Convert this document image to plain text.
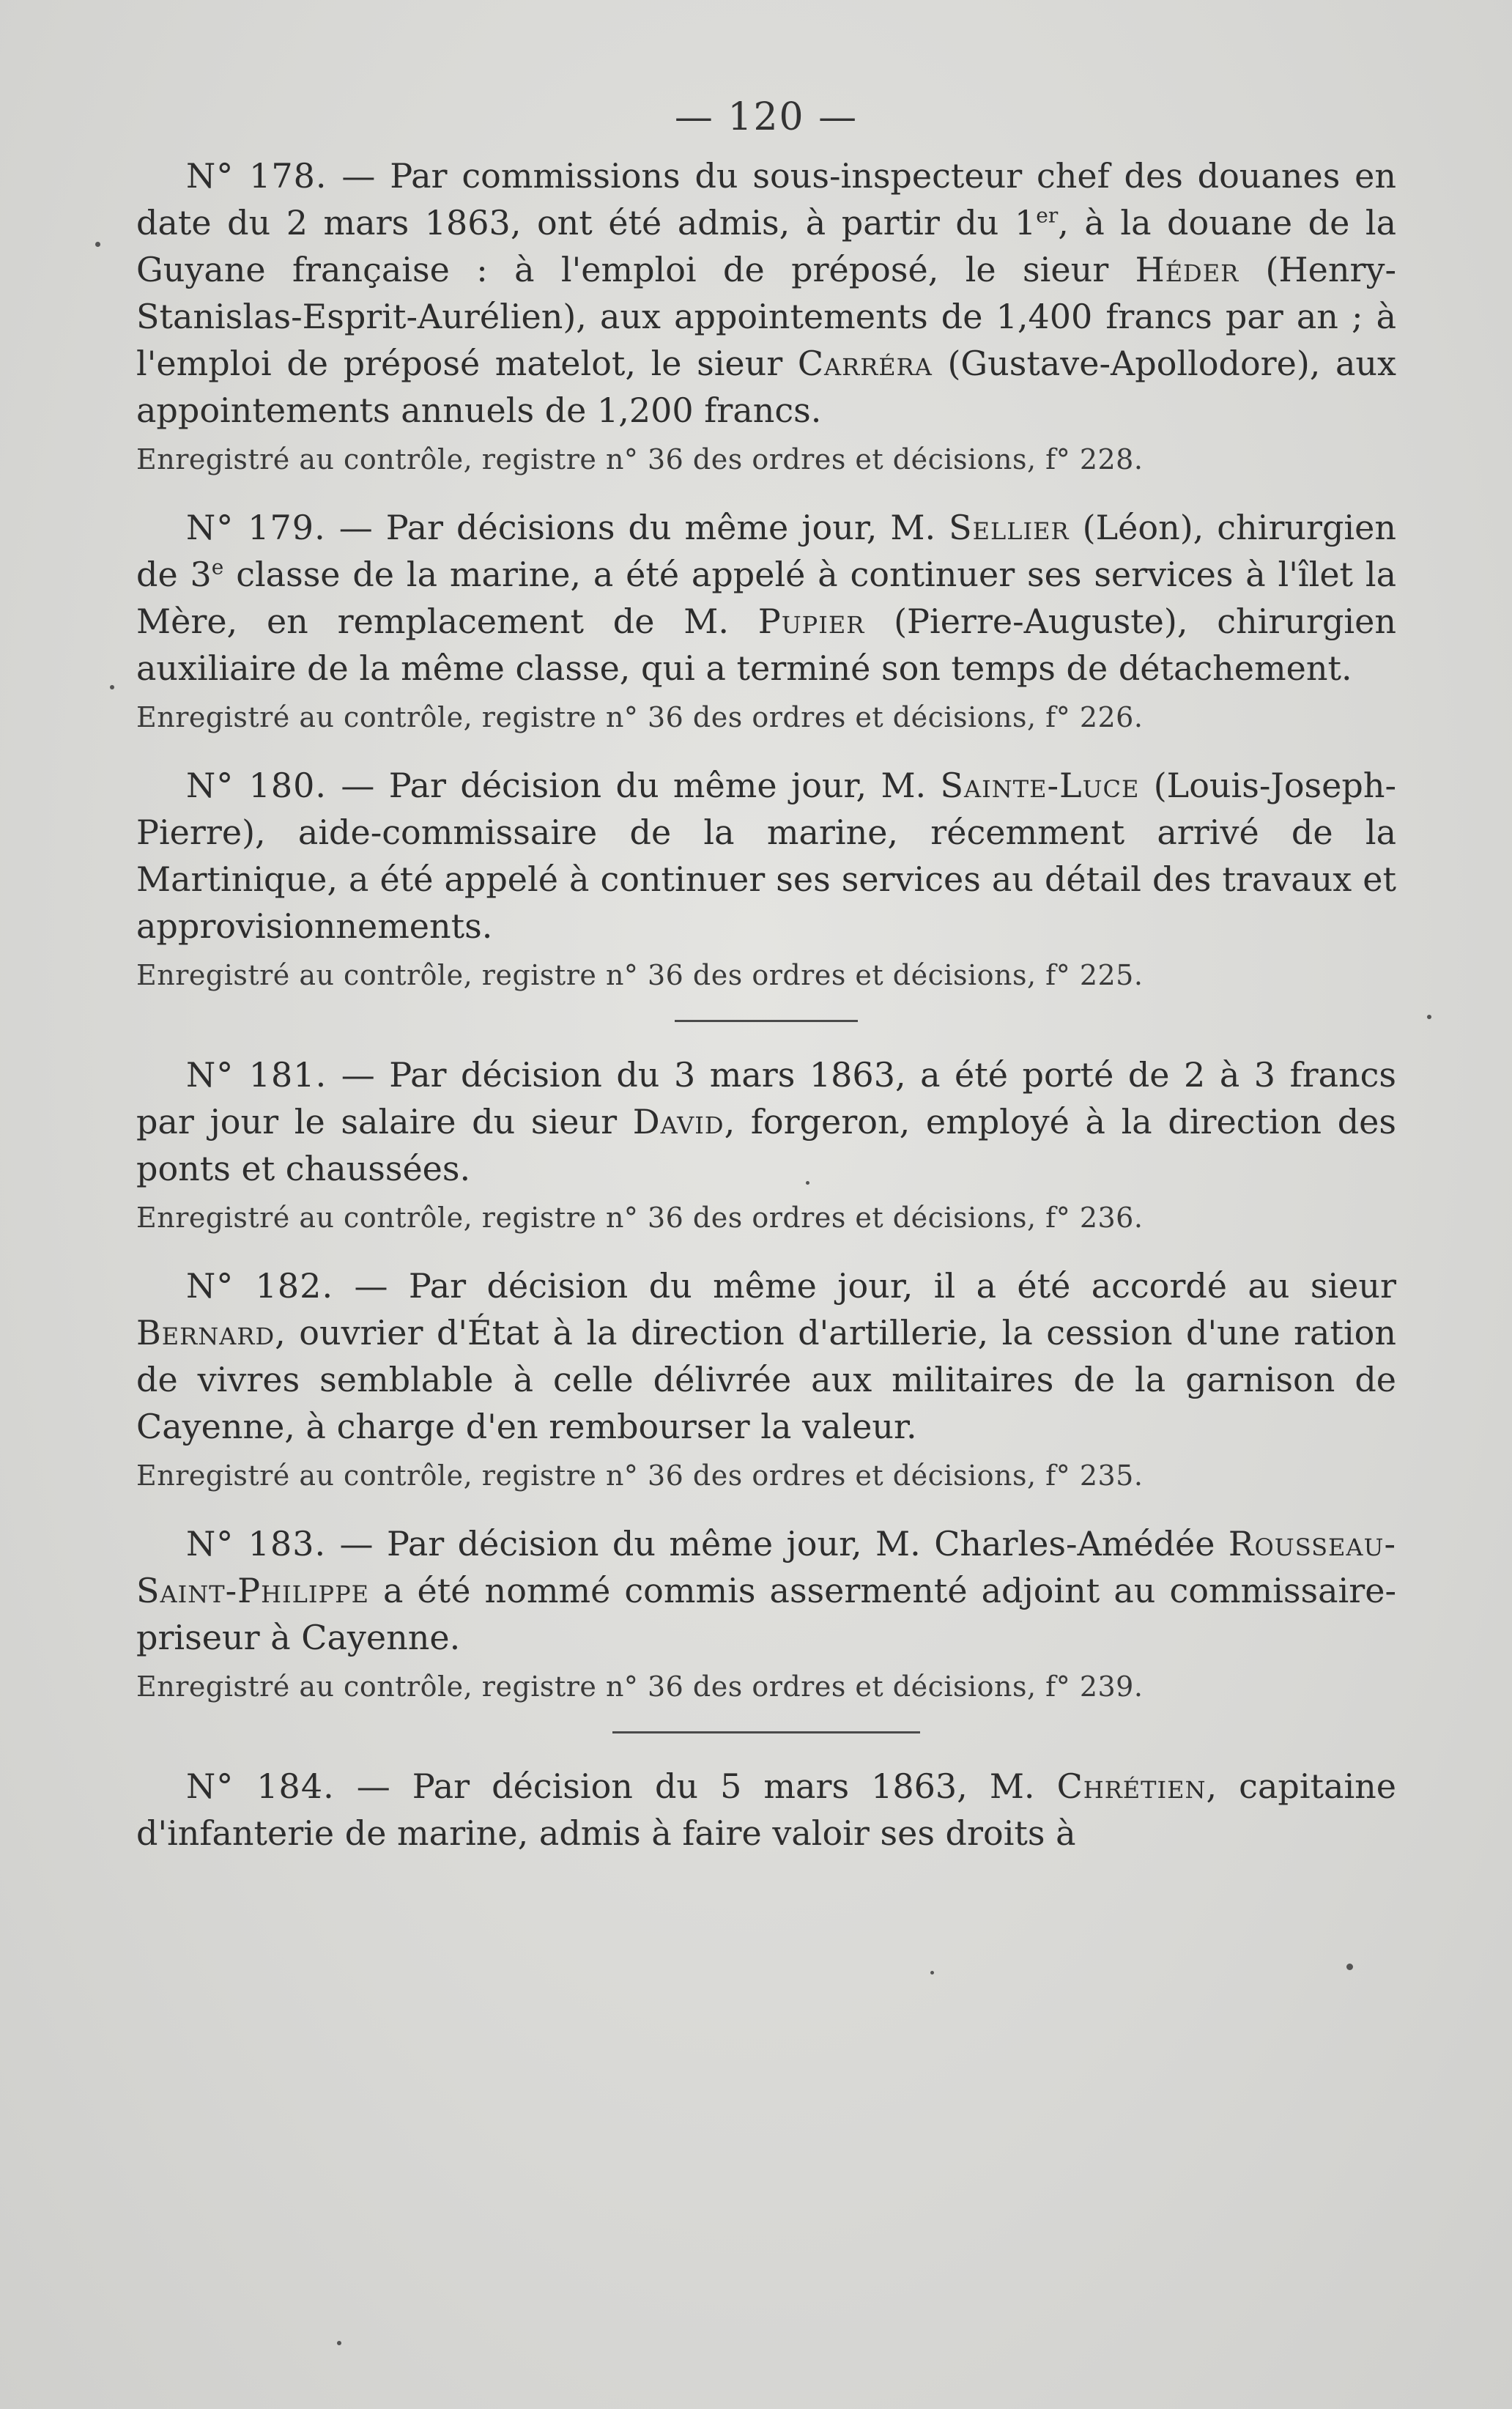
— 120 —

N° 178. — Par commissions du sous-inspecteur chef des douanes en date du 2 mars 1863, ont été admis, à partir du 1er, à la douane de la Guyane française : à l'emploi de préposé, le sieur Héder (Henry-Stanislas-Esprit-Aurélien), aux appointements de 1,400 francs par an ; à l'emploi de préposé matelot, le sieur Carréra (Gustave-Apollodore), aux appointements annuels de 1,200 francs.

Enregistré au contrôle, registre n° 36 des ordres et décisions, f° 228.

N° 179. — Par décisions du même jour, M. Sellier (Léon), chirurgien de 3e classe de la marine, a été appelé à continuer ses services à l'îlet la Mère, en remplacement de M. Pupier (Pierre-Auguste), chirurgien auxiliaire de la même classe, qui a terminé son temps de détachement.

Enregistré au contrôle, registre n° 36 des ordres et décisions, f° 226.

N° 180. — Par décision du même jour, M. Sainte-Luce (Louis-Joseph-Pierre), aide-commissaire de la marine, récemment arrivé de la Martinique, a été appelé à continuer ses services au détail des travaux et approvisionnements.

Enregistré au contrôle, registre n° 36 des ordres et décisions, f° 225.

N° 181. — Par décision du 3 mars 1863, a été porté de 2 à 3 francs par jour le salaire du sieur David, forgeron, employé à la direction des ponts et chaussées.

Enregistré au contrôle, registre n° 36 des ordres et décisions, f° 236.

N° 182. — Par décision du même jour, il a été accordé au sieur Bernard, ouvrier d'État à la direction d'artillerie, la cession d'une ration de vivres semblable à celle délivrée aux militaires de la garnison de Cayenne, à charge d'en rembourser la valeur.

Enregistré au contrôle, registre n° 36 des ordres et décisions, f° 235.

N° 183. — Par décision du même jour, M. Charles-Amédée Rousseau-Saint-Philippe a été nommé commis assermenté adjoint au commissaire-priseur à Cayenne.

Enregistré au contrôle, registre n° 36 des ordres et décisions, f° 239.

N° 184. — Par décision du 5 mars 1863, M. Chrétien, capitaine d'infanterie de marine, admis à faire valoir ses droits à
